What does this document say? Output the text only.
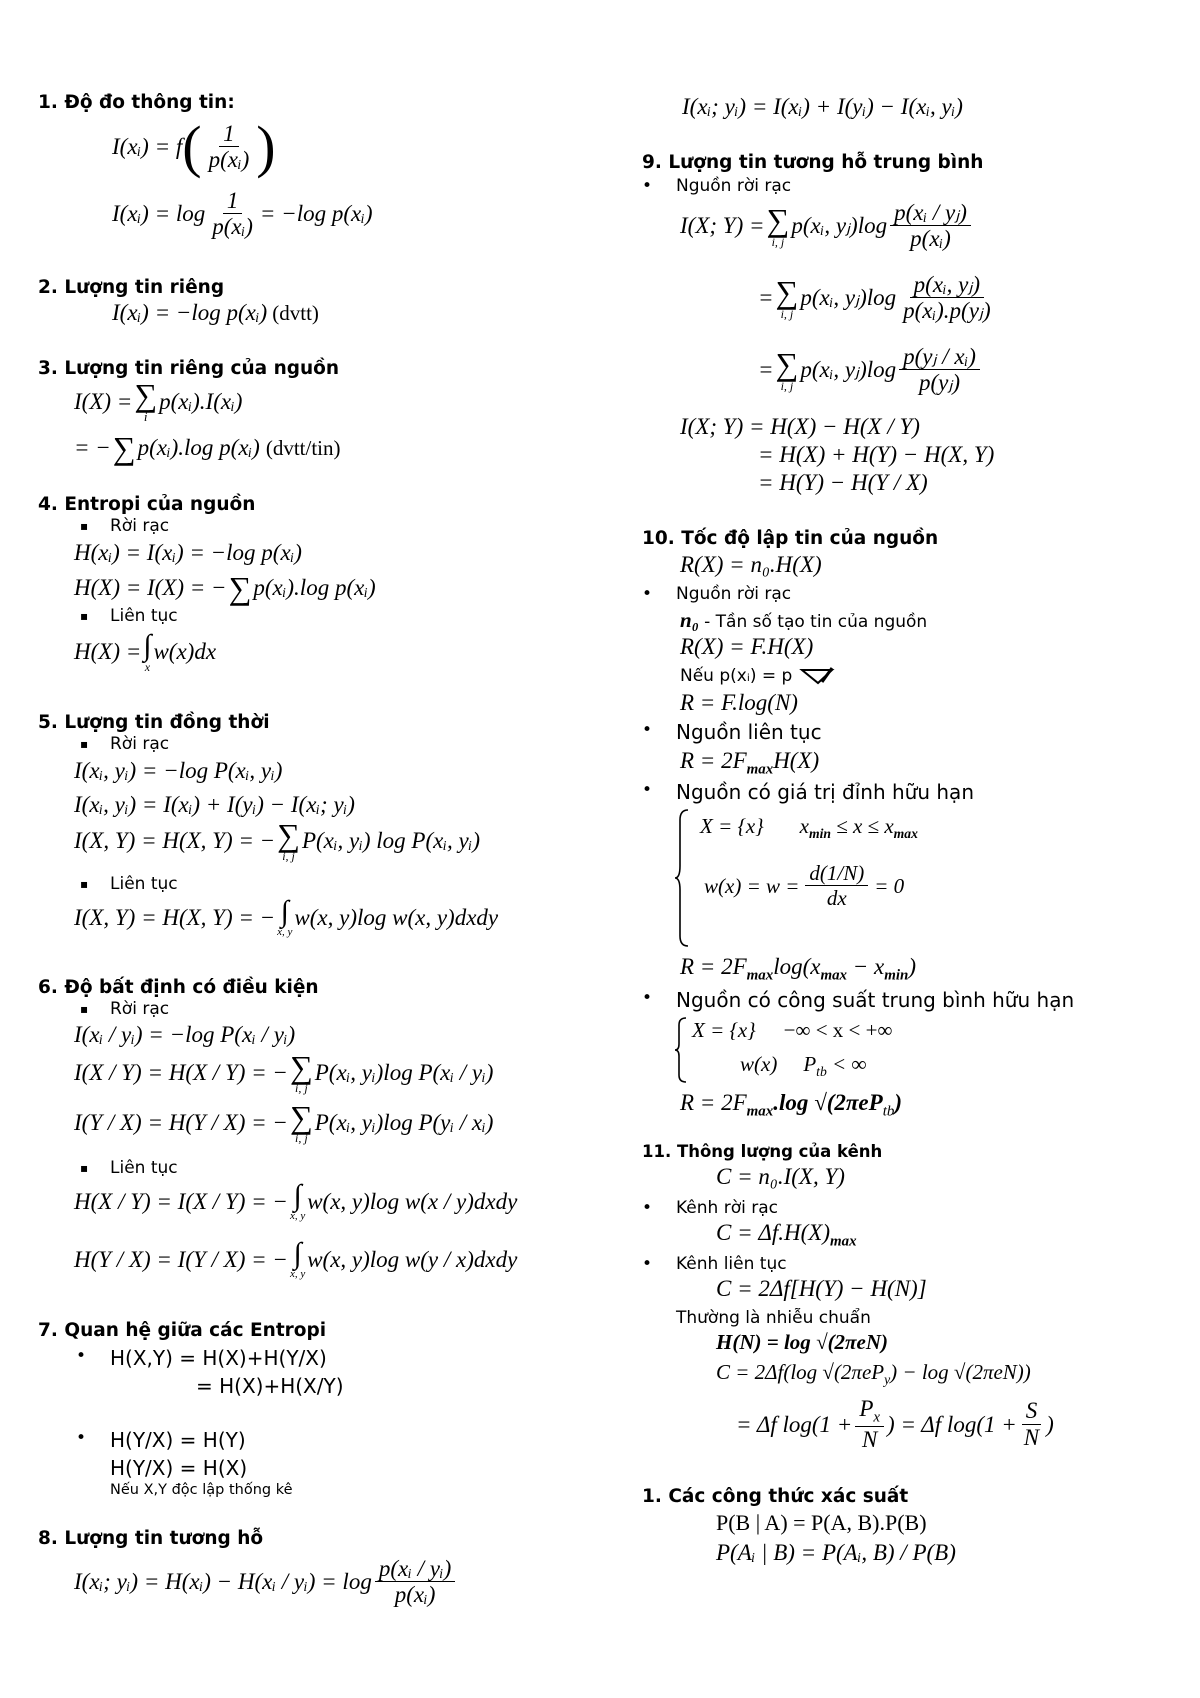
1. Độ đo thông tin:
I(xᵢ) = f ( $\frac{1}{\text{p(xᵢ)}}$ )
I(xᵢ) = $\log \frac{1}{\text{p(xᵢ)}} = -\log$ p(xᵢ)
2. Lượng tin riêng
I(xᵢ) = −log p(xᵢ) (dvtt)
3. Lượng tin riêng của nguồn
I(X) = ∑
i
p(xᵢ).I(xᵢ)
= − ∑ p(xᵢ).log p(xᵢ) (dvtt/tin)
4. Entropi của nguồn
▪ Rời rạc
H(xᵢ) = I(xᵢ) = −log p(xᵢ)
H(X) = I(X) = − ∑ p(xᵢ).log p(xᵢ)
▪ Liên tục
H(X) = ∫
x
w(x)dx
5. Lượng tin đồng thời
▪ Rời rạc
I(xᵢ, yᵢ) = −log P(xᵢ, yᵢ)
I(xᵢ, yᵢ) = I(xᵢ) + I(yᵢ) − I(xᵢ; yᵢ)
I(X, Y) = H(X, Y) = − ∑
i, j
P(xᵢ, yᵢ) log P(xᵢ, yᵢ)
▪ Liên tục
I(X, Y) = H(X, Y) = − ∫
x, y
w(x, y)log w(x, y)dxdy
6. Độ bất định có điều kiện
▪ Rời rạc
I(xᵢ / yᵢ) = −log P(xᵢ / yᵢ)
I(X / Y) = H(X / Y) = − ∑
i, j
P(xᵢ, yᵢ)log P(xᵢ / yᵢ)
I(Y / X) = H(Y / X) = − ∑
i, j
P(xᵢ, yᵢ)log P(yᵢ / xᵢ)
▪ Liên tục
H(X / Y) = I(X / Y) = − ∫
x, y
w(x, y)log w(x / y)dxdy
H(Y / X) = I(Y / X) = − ∫
x, y
w(x, y)log w(y / x)dxdy
7. Quan hệ giữa các Entropi
• H(X,Y) = H(X)+H(Y/X)
= H(X)+H(X/Y)
• H(Y/X) = H(Y)
H(Y/X) = H(X)
Nếu X,Y độc lập thống kê
8. Lượng tin tương hỗ
I(xᵢ; yᵢ) = H(xᵢ) − H(xᵢ / yᵢ) = $\log \frac{\text{p(xᵢ / yᵢ)}}{\text{p(xᵢ)}}$
I(xᵢ; yᵢ) = I(xᵢ) + I(yᵢ) − I(xᵢ, yᵢ)
9. Lượng tin tương hỗ trung bình
• Nguồn rời rạc
I(X; Y) = ∑
i, j
p(xᵢ, yⱼ)log $\frac{\text{p(xᵢ / yⱼ)}}{\text{p(xᵢ)}}$
= ∑
i, j
p(xᵢ, yⱼ)log $\frac{\text{p(xᵢ, yⱼ)}}{\text{p(xᵢ).p(yⱼ)}}$
= ∑
i, j
p(xᵢ, yⱼ)log $\frac{\text{p(yⱼ / xᵢ)}}{\text{p(yⱼ)}}$
I(X; Y) = H(X) − H(X / Y)
= H(X) + H(Y) − H(X, Y)
= H(Y) − H(Y / X)
10. Tốc độ lập tin của nguồn
R(X) = n₀.H(X)
• Nguồn rời rạc
n₀ - Tần số tạo tin của nguồn
R(X) = F.H(X)
Nếu p(xᵢ) = p
R = F.log(N)
• Nguồn liên tục
$R = 2F_{max}H(X)$
• Nguồn có giá trị đỉnh hữu hạn
X = {x} $x_{min} \le x \le x_{max}$
$w(x) = w = \frac{d(1/N)}{dx} = 0$
$R = 2F_{max}\log(x_{max} - x_{min})$
• Nguồn có công suất trung bình hữu hạn
X = {x} −∞ < x < +∞
w(x) $P_{tb}$ < ∞
$R = 2F_{max}.\log$ √(2πeP$_{tb}$)
11. Thông lượng của kênh
C = n₀.I(X, Y)
• Kênh rời rạc
$C = \Delta f.H(X)_{max}$
• Kênh liên tục
C = 2Δf[H(Y) − H(N)]
Thường là nhiễu chuẩn
H(N) = log √(2πeN)
C = 2Δf(log √(2πeP$_y$) − log √(2πeN))
= Δf $\log(1 + \frac{P_x}{N}$ ) = Δf $\log(1 + \frac{S}{N}$ )
1. Các công thức xác suất
P(B | A) = P(A, B).P(B)
P(Aᵢ | B) = P(Aᵢ, B) / P(B)
